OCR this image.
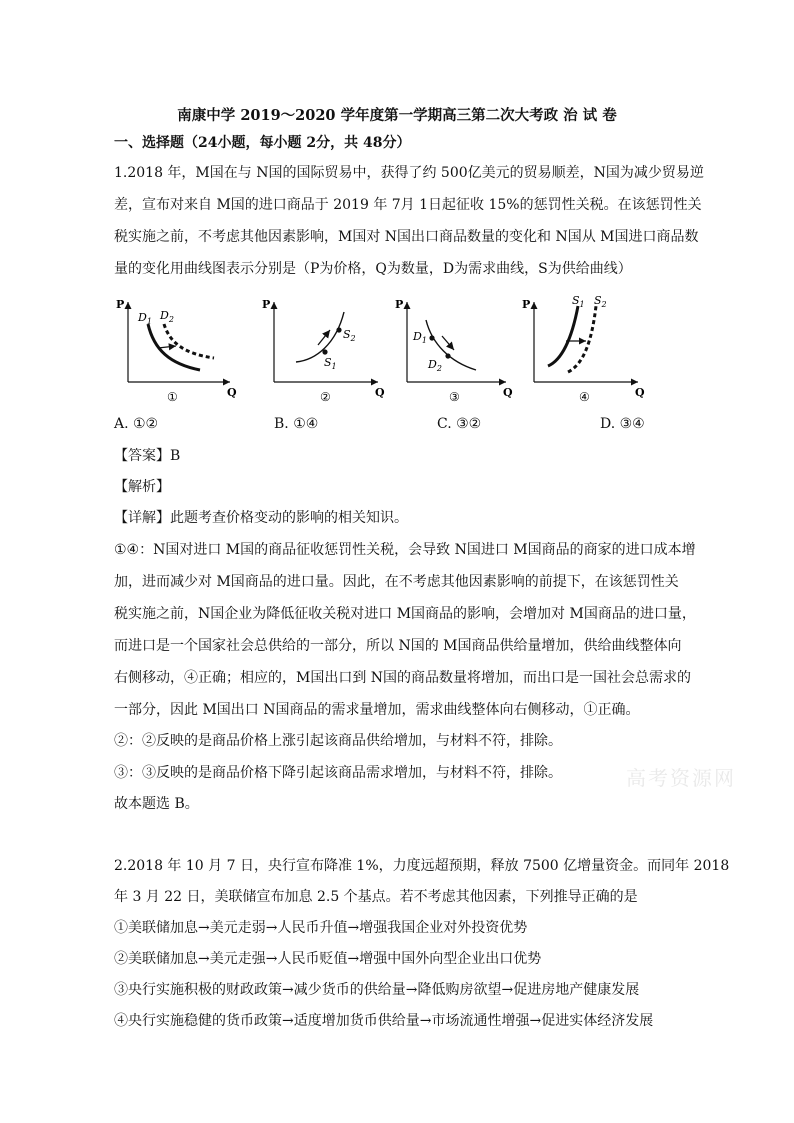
南康中学 2019～2020 学年度第一学期高三第二次大考政 治 试 卷
一、选择题（24小题，每小题 2分，共 48分）
1.2018 年，M国在与 N国的国际贸易中，获得了约 500亿美元的贸易顺差，N国为减少贸易逆
差，宣布对来自 M国的进口商品于 2019 年 7月 1日起征收 15%的惩罚性关税。在该惩罚性关
税实施之前，不考虑其他因素影响，M国对 N国出口商品数量的变化和 N国从 M国进口商品数
量的变化用曲线图表示分别是（P为价格，Q为数量，D为需求曲线，S为供给曲线）
P
Q
$D_1$ $D_2$
①
P
Q
$S_2$
$S_1$
②
P
Q
$D_1$
$D_2$
③
P
Q
$S_1$ $S_2$
④
A. ①②	B. ①④	C. ③②	D. ③④
【答案】B
【解析】
【详解】此题考查价格变动的影响的相关知识。
①④：N国对进口 M国的商品征收惩罚性关税，会导致 N国进口 M国商品的商家的进口成本增
加，进而减少对 M国商品的进口量。因此，在不考虑其他因素影响的前提下，在该惩罚性关
税实施之前，N国企业为降低征收关税对进口 M国商品的影响，会增加对 M国商品的进口量，
而进口是一个国家社会总供给的一部分，所以 N国的 M国商品供给量增加，供给曲线整体向
右侧移动，④正确；相应的，M国出口到 N国的商品数量将增加，而出口是一国社会总需求的
一部分，因此 M国出口 N国商品的需求量增加，需求曲线整体向右侧移动，①正确。
②：②反映的是商品价格上涨引起该商品供给增加，与材料不符，排除。
③：③反映的是商品价格下降引起该商品需求增加，与材料不符，排除。
故本题选 B。
高考资源网
2.2018 年 10 月 7 日，央行宣布降准 1%，力度远超预期，释放 7500 亿增量资金。而同年 2018
年 3 月 22 日，美联储宣布加息 2.5 个基点。若不考虑其他因素，下列推导正确的是
①美联储加息→美元走弱→人民币升值→增强我国企业对外投资优势
②美联储加息→美元走强→人民币贬值→增强中国外向型企业出口优势
③央行实施积极的财政政策→减少货币的供给量→降低购房欲望→促进房地产健康发展
④央行实施稳健的货币政策→适度增加货币供给量→市场流通性增强→促进实体经济发展
